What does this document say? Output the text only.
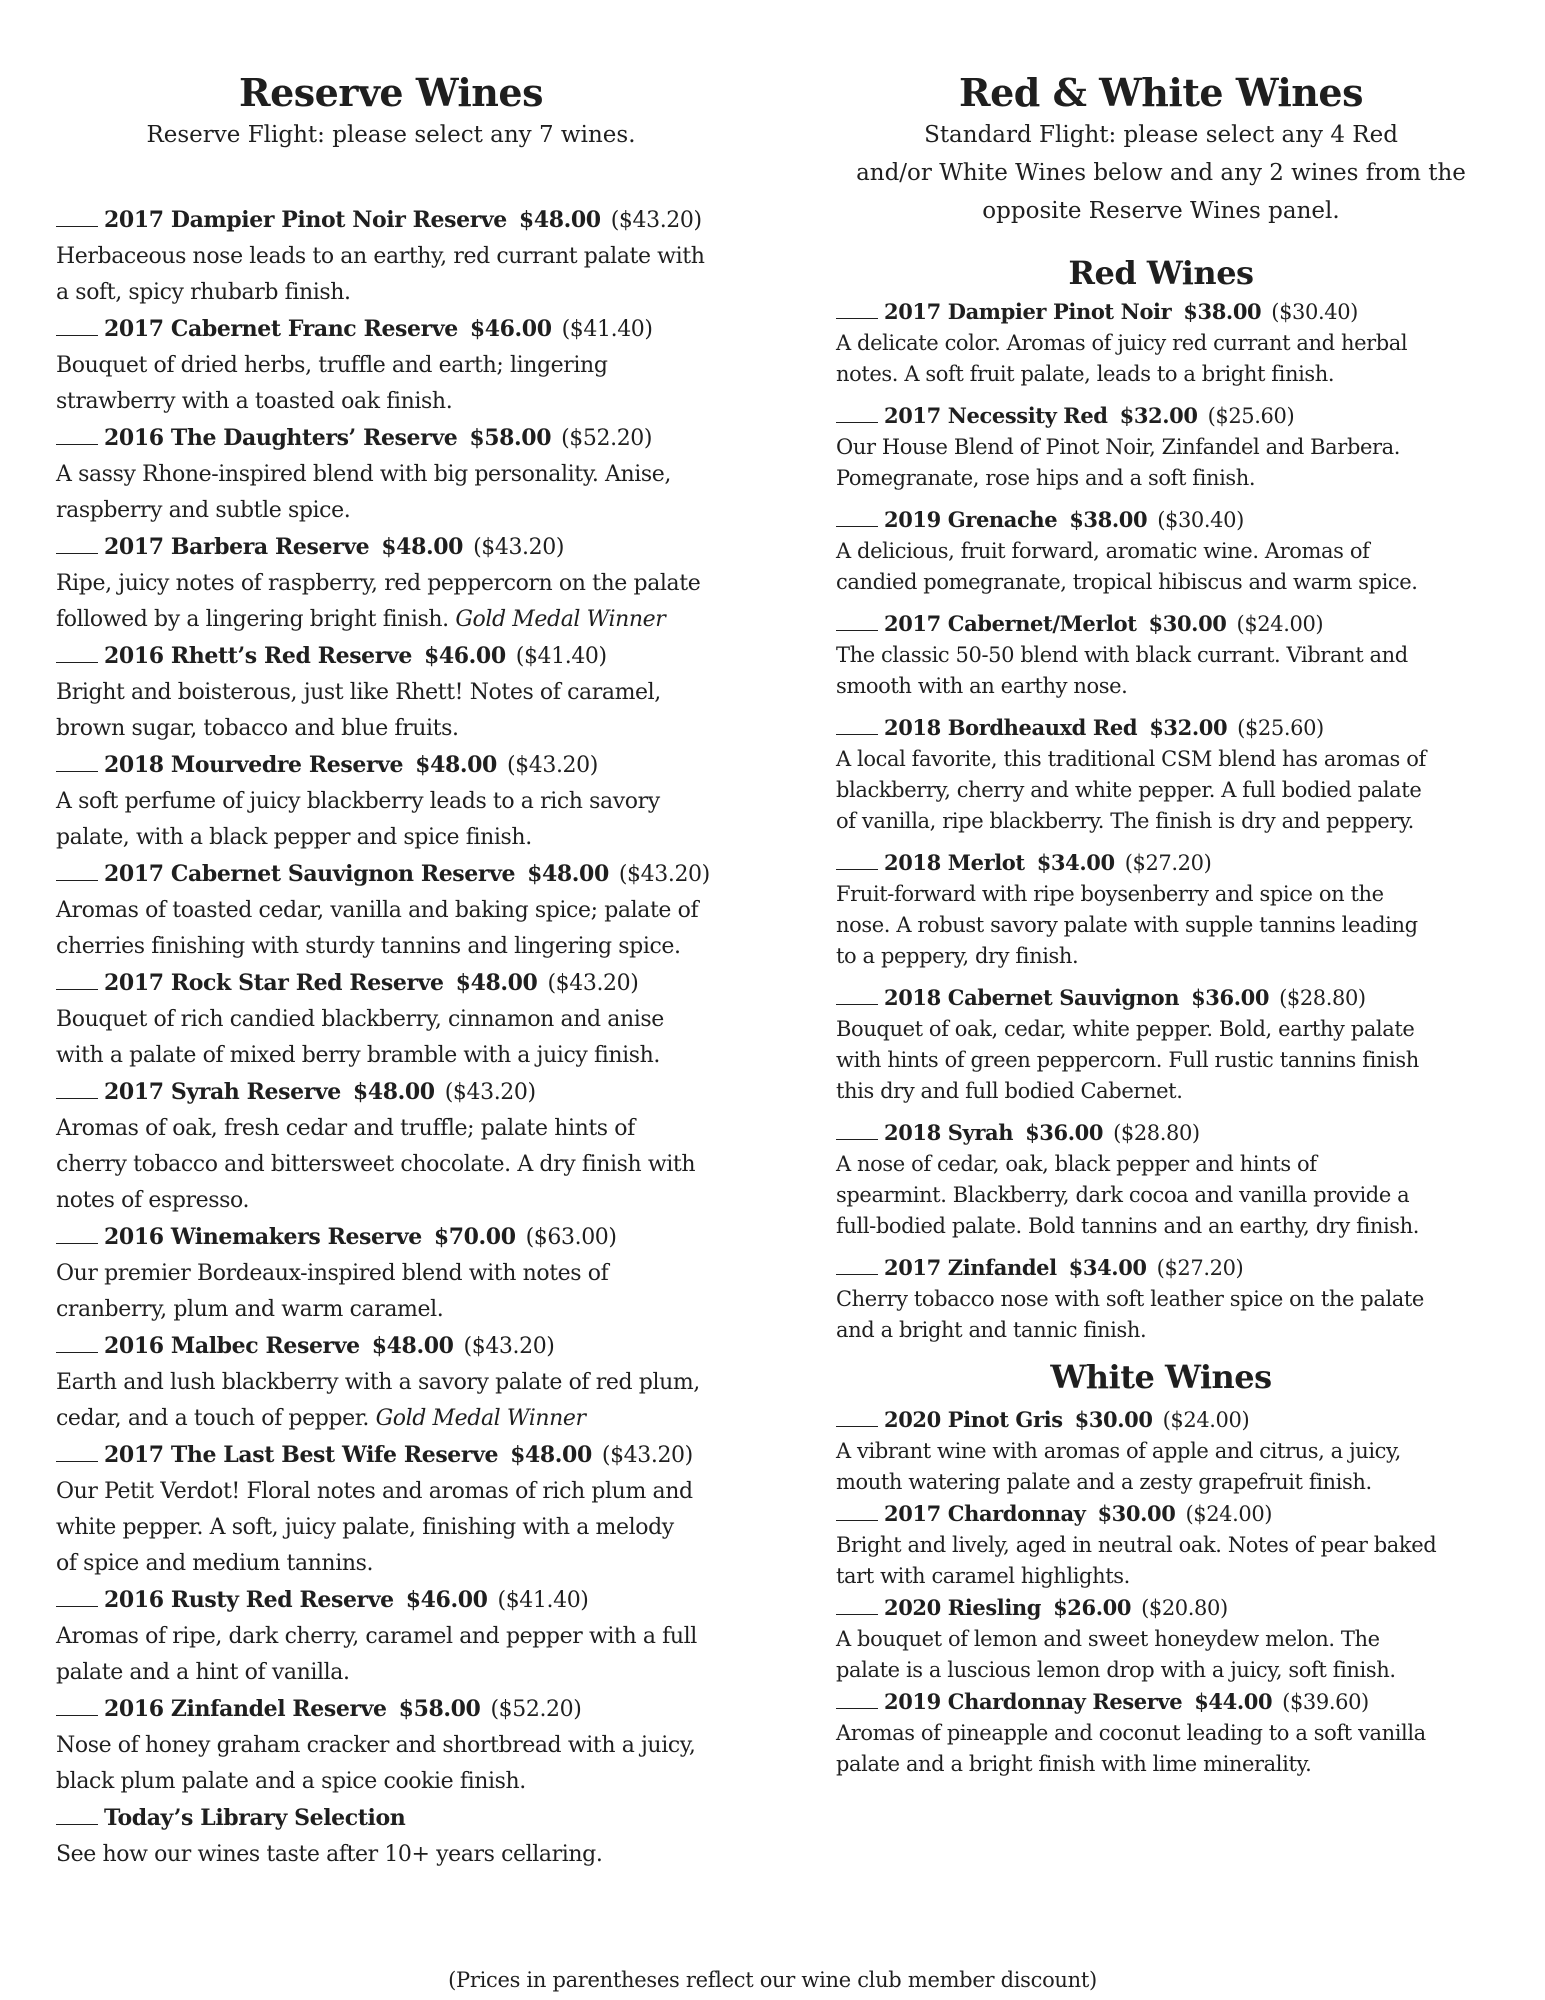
Reserve Wines

Reserve Flight: please select any 7 wines.

2017 Dampier Pinot Noir Reserve $48.00 ($43.20)

Herbaceous nose leads to an earthy, red currant palate with

a soft, spicy rhubarb finish.

2017 Cabernet Franc Reserve $46.00 ($41.40)

Bouquet of dried herbs, truffle and earth; lingering

strawberry with a toasted oak finish.

2016 The Daughters’ Reserve $58.00 ($52.20)

A sassy Rhone-inspired blend with big personality. Anise,

raspberry and subtle spice.

2017 Barbera Reserve $48.00 ($43.20)

Ripe, juicy notes of raspberry, red peppercorn on the palate

followed by a lingering bright finish. Gold Medal Winner

2016 Rhett’s Red Reserve $46.00 ($41.40)

Bright and boisterous, just like Rhett! Notes of caramel,

brown sugar, tobacco and blue fruits.

2018 Mourvedre Reserve $48.00 ($43.20)

A soft perfume of juicy blackberry leads to a rich savory

palate, with a black pepper and spice finish.

2017 Cabernet Sauvignon Reserve $48.00 ($43.20)

Aromas of toasted cedar, vanilla and baking spice; palate of

cherries finishing with sturdy tannins and lingering spice.

2017 Rock Star Red Reserve $48.00 ($43.20)

Bouquet of rich candied blackberry, cinnamon and anise

with a palate of mixed berry bramble with a juicy finish.

2017 Syrah Reserve $48.00 ($43.20)

Aromas of oak, fresh cedar and truffle; palate hints of

cherry tobacco and bittersweet chocolate. A dry finish with

notes of espresso.

2016 Winemakers Reserve $70.00 ($63.00)

Our premier Bordeaux-inspired blend with notes of

cranberry, plum and warm caramel.

2016 Malbec Reserve $48.00 ($43.20)

Earth and lush blackberry with a savory palate of red plum,

cedar, and a touch of pepper. Gold Medal Winner

2017 The Last Best Wife Reserve $48.00 ($43.20)

Our Petit Verdot! Floral notes and aromas of rich plum and

white pepper. A soft, juicy palate, finishing with a melody

of spice and medium tannins.

2016 Rusty Red Reserve $46.00 ($41.40)

Aromas of ripe, dark cherry, caramel and pepper with a full

palate and a hint of vanilla.

2016 Zinfandel Reserve $58.00 ($52.20)

Nose of honey graham cracker and shortbread with a juicy,

black plum palate and a spice cookie finish.

Today’s Library Selection

See how our wines taste after 10+ years cellaring.

Red & White Wines

Standard Flight: please select any 4 Red

and/or White Wines below and any 2 wines from the

opposite Reserve Wines panel.

Red Wines
2017 Dampier Pinot Noir $38.00 ($30.40)

A delicate color. Aromas of juicy red currant and herbal

notes. A soft fruit palate, leads to a bright finish.

2017 Necessity Red $32.00 ($25.60)

Our House Blend of Pinot Noir, Zinfandel and Barbera.

Pomegranate, rose hips and a soft finish.

2019 Grenache $38.00 ($30.40)

A delicious, fruit forward, aromatic wine. Aromas of

candied pomegranate, tropical hibiscus and warm spice.

2017 Cabernet/Merlot $30.00 ($24.00)

The classic 50-50 blend with black currant. Vibrant and

smooth with an earthy nose.

2018 Bordheauxd Red $32.00 ($25.60)

A local favorite, this traditional CSM blend has aromas of

blackberry, cherry and white pepper. A full bodied palate

of vanilla, ripe blackberry. The finish is dry and peppery.

2018 Merlot $34.00 ($27.20)

Fruit-forward with ripe boysenberry and spice on the

nose. A robust savory palate with supple tannins leading

to a peppery, dry finish.

2018 Cabernet Sauvignon $36.00 ($28.80)

Bouquet of oak, cedar, white pepper. Bold, earthy palate

with hints of green peppercorn. Full rustic tannins finish

this dry and full bodied Cabernet.

2018 Syrah $36.00 ($28.80)

A nose of cedar, oak, black pepper and hints of

spearmint. Blackberry, dark cocoa and vanilla provide a

full-bodied palate. Bold tannins and an earthy, dry finish.

2017 Zinfandel $34.00 ($27.20)

Cherry tobacco nose with soft leather spice on the palate

and a bright and tannic finish.

White Wines
2020 Pinot Gris $30.00 ($24.00)

A vibrant wine with aromas of apple and citrus, a juicy,

mouth watering palate and a zesty grapefruit finish.

2017 Chardonnay $30.00 ($24.00)

Bright and lively, aged in neutral oak. Notes of pear baked

tart with caramel highlights.

2020 Riesling $26.00 ($20.80)

A bouquet of lemon and sweet honeydew melon. The

palate is a luscious lemon drop with a juicy, soft finish.

2019 Chardonnay Reserve $44.00 ($39.60)

Aromas of pineapple and coconut leading to a soft vanilla

palate and a bright finish with lime minerality.

(Prices in parentheses reflect our wine club member discount)
